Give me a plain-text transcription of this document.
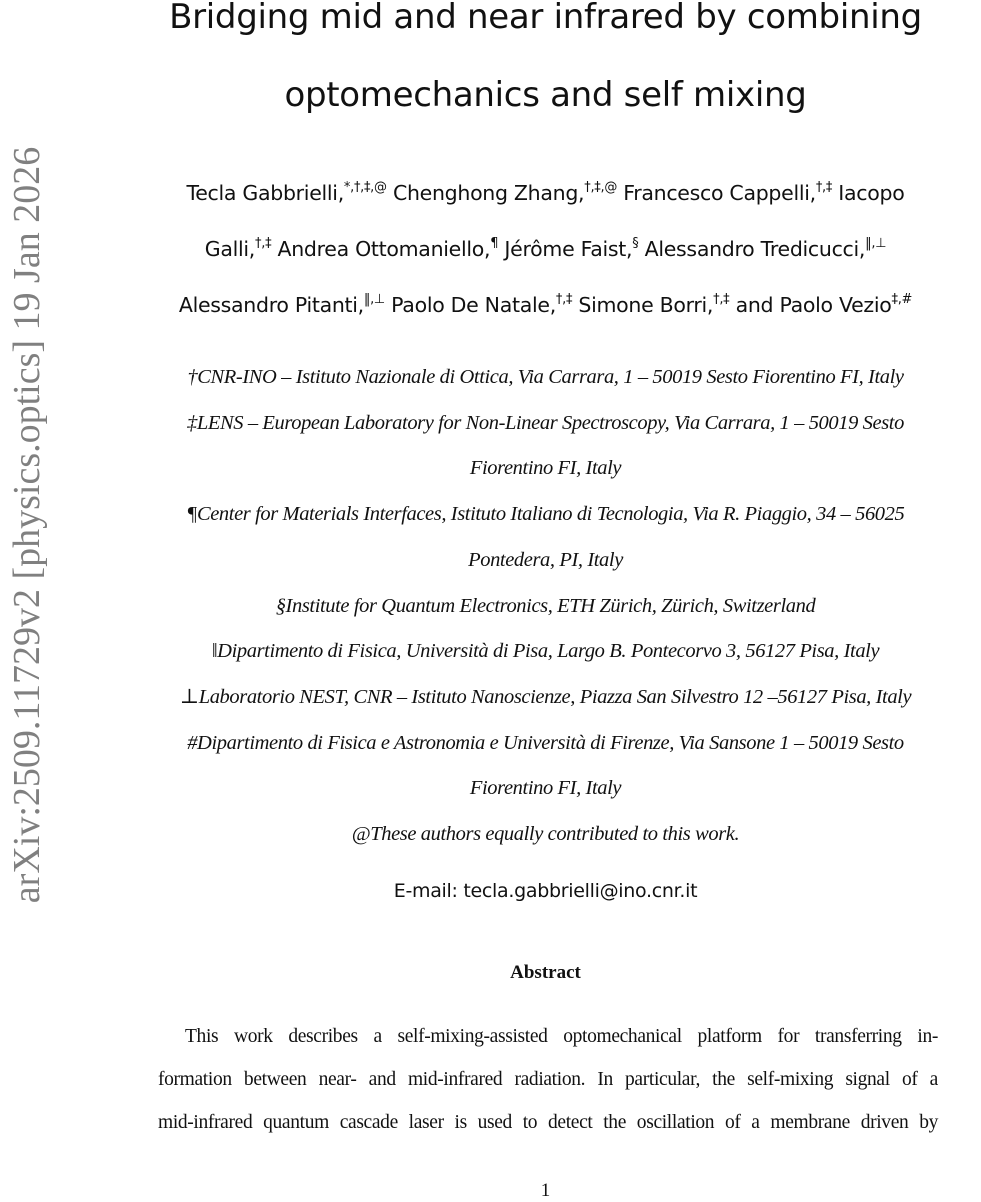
arXiv:2509.11729v2 [physics.optics] 19 Jan 2026
Bridging mid and near infrared by combining
optomechanics and self mixing
Tecla Gabbrielli,*,†,‡,@ Chenghong Zhang,†,‡,@ Francesco Cappelli,†,‡ Iacopo
Galli,†,‡ Andrea Ottomaniello,¶ Jérôme Faist,§ Alessandro Tredicucci,‖,⊥
Alessandro Pitanti,‖,⊥ Paolo De Natale,†,‡ Simone Borri,†,‡ and Paolo Vezio‡,#
†CNR-INO – Istituto Nazionale di Ottica, Via Carrara, 1 – 50019 Sesto Fiorentino FI, Italy
‡LENS – European Laboratory for Non-Linear Spectroscopy, Via Carrara, 1 – 50019 Sesto
Fiorentino FI, Italy
¶Center for Materials Interfaces, Istituto Italiano di Tecnologia, Via R. Piaggio, 34 – 56025
Pontedera, PI, Italy
§Institute for Quantum Electronics, ETH Zürich, Zürich, Switzerland
‖Dipartimento di Fisica, Università di Pisa, Largo B. Pontecorvo 3, 56127 Pisa, Italy
⊥Laboratorio NEST, CNR – Istituto Nanoscienze, Piazza San Silvestro 12 –56127 Pisa, Italy
#Dipartimento di Fisica e Astronomia e Università di Firenze, Via Sansone 1 – 50019 Sesto
Fiorentino FI, Italy
@These authors equally contributed to this work.
E-mail: tecla.gabbrielli@ino.cnr.it
Abstract
This work describes a self-mixing-assisted optomechanical platform for transferring in-
formation between near- and mid-infrared radiation. In particular, the self-mixing signal of a
mid-infrared quantum cascade laser is used to detect the oscillation of a membrane driven by
1
